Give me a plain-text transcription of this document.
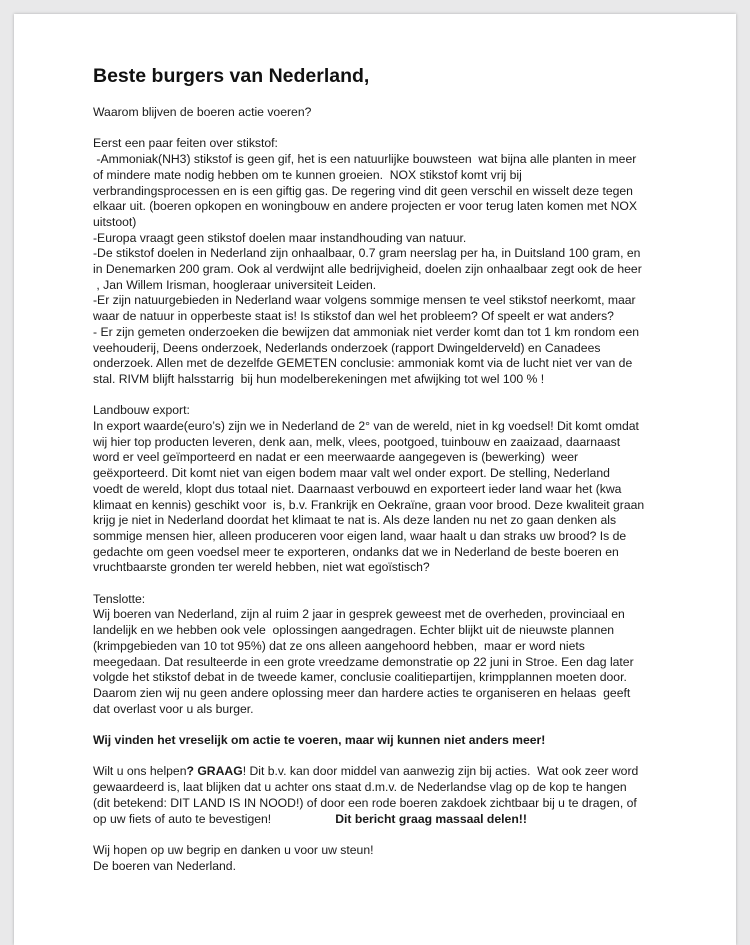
Beste burgers van Nederland,

Waarom blijven de boeren actie voeren?

Eerst een paar feiten over stikstof:

-Ammoniak(NH3) stikstof is geen gif, het is een natuurlijke bouwsteen  wat bijna alle planten in meer
of mindere mate nodig hebben om te kunnen groeien.  NOX stikstof komt vrij bij
verbrandingsprocessen en is een giftig gas. De regering vind dit geen verschil en wisselt deze tegen
elkaar uit. (boeren opkopen en woningbouw en andere projecten er voor terug laten komen met NOX
uitstoot)
-Europa vraagt geen stikstof doelen maar instandhouding van natuur.
-De stikstof doelen in Nederland zijn onhaalbaar, 0.7 gram neerslag per ha, in Duitsland 100 gram, en
in Denemarken 200 gram. Ook al verdwijnt alle bedrijvigheid, doelen zijn onhaalbaar zegt ook de heer
, Jan Willem Irisman, hoogleraar universiteit Leiden.
-Er zijn natuurgebieden in Nederland waar volgens sommige mensen te veel stikstof neerkomt, maar
waar de natuur in opperbeste staat is! Is stikstof dan wel het probleem? Of speelt er wat anders?
- Er zijn gemeten onderzoeken die bewijzen dat ammoniak niet verder komt dan tot 1 km rondom een
veehouderij, Deens onderzoek, Nederlands onderzoek (rapport Dwingelderveld) en Canadees
onderzoek. Allen met de dezelfde GEMETEN conclusie: ammoniak komt via de lucht niet ver van de
stal. RIVM blijft halsstarrig  bij hun modelberekeningen met afwijking tot wel 100 % !

Landbouw export:

In export waarde(euro’s) zijn we in Nederland de 2° van de wereld, niet in kg voedsel! Dit komt omdat
wij hier top producten leveren, denk aan, melk, vlees, pootgoed, tuinbouw en zaaizaad, daarnaast
word er veel geïmporteerd en nadat er een meerwaarde aangegeven is (bewerking)  weer
geëxporteerd. Dit komt niet van eigen bodem maar valt wel onder export. De stelling, Nederland
voedt de wereld, klopt dus totaal niet. Daarnaast verbouwd en exporteert ieder land waar het (kwa
klimaat en kennis) geschikt voor  is, b.v. Frankrijk en Oekraïne, graan voor brood. Deze kwaliteit graan
krijg je niet in Nederland doordat het klimaat te nat is. Als deze landen nu net zo gaan denken als
sommige mensen hier, alleen produceren voor eigen land, waar haalt u dan straks uw brood? Is de
gedachte om geen voedsel meer te exporteren, ondanks dat we in Nederland de beste boeren en
vruchtbaarste gronden ter wereld hebben, niet wat egoïstisch?

Tenslotte:

Wij boeren van Nederland, zijn al ruim 2 jaar in gesprek geweest met de overheden, provinciaal en
landelijk en we hebben ook vele  oplossingen aangedragen. Echter blijkt uit de nieuwste plannen
(krimpgebieden van 10 tot 95%) dat ze ons alleen aangehoord hebben,  maar er word niets
meegedaan. Dat resulteerde in een grote vreedzame demonstratie op 22 juni in Stroe. Een dag later
volgde het stikstof debat in de tweede kamer, conclusie coalitiepartijen, krimpplannen moeten door.
Daarom zien wij nu geen andere oplossing meer dan hardere acties te organiseren en helaas  geeft
dat overlast voor u als burger.

Wij vinden het vreselijk om actie te voeren, maar wij kunnen niet anders meer!

Wilt u ons helpen? GRAAG! Dit b.v. kan door middel van aanwezig zijn bij acties.  Wat ook zeer word
gewaardeerd is, laat blijken dat u achter ons staat d.m.v. de Nederlandse vlag op de kop te hangen
(dit betekend: DIT LAND IS IN NOOD!) of door een rode boeren zakdoek zichtbaar bij u te dragen, of
op uw fiets of auto te bevestigen!	Dit bericht graag massaal delen!!

Wij hopen op uw begrip en danken u voor uw steun!

De boeren van Nederland.
